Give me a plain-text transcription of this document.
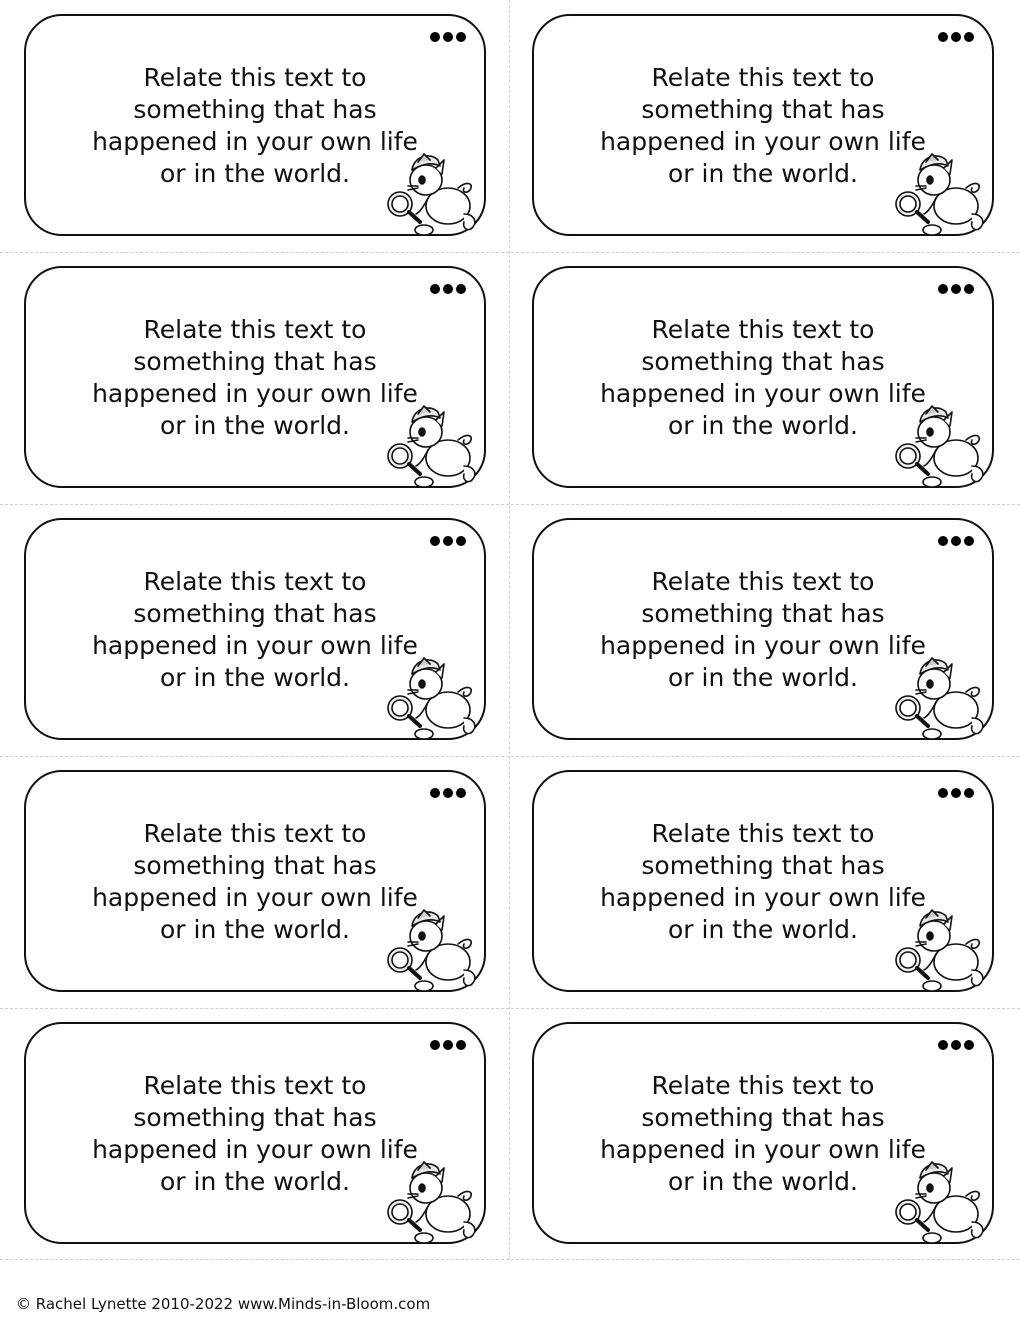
Relate this text to
something that has
happened in your own life
or in the world.
Relate this text to
something that has
happened in your own life
or in the world.
Relate this text to
something that has
happened in your own life
or in the world.
Relate this text to
something that has
happened in your own life
or in the world.
Relate this text to
something that has
happened in your own life
or in the world.
Relate this text to
something that has
happened in your own life
or in the world.
Relate this text to
something that has
happened in your own life
or in the world.
Relate this text to
something that has
happened in your own life
or in the world.
Relate this text to
something that has
happened in your own life
or in the world.
Relate this text to
something that has
happened in your own life
or in the world.
© Rachel Lynette 2010-2022 www.Minds-in-Bloom.com
